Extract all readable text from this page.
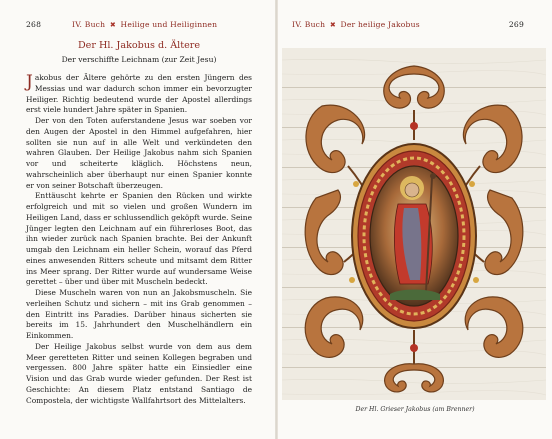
268	IV. Buch ✖ Heilige und Heiliginnen
Der Hl. Jakobus d. Ältere
Der verschiffte Leichnam (zur Zeit Jesu)

Jakobus der Ältere gehörte zu den ersten Jüngern des Messias und war dadurch schon immer ein bevorzugter Heiliger. Richtig bedeutend wurde der Apostel allerdings erst viele hundert Jahre später in Spanien.

Der von den Toten auferstandene Jesus war soeben vor den Augen der Apostel in den Himmel aufgefahren, hier sollten sie nun auf in alle Welt und verkündeten den wahren Glauben. Der Heilige Jakobus nahm sich Spanien vor und scheiterte kläglich. Höchstens neun, wahrscheinlich aber überhaupt nur einen Spanier konnte er von seiner Botschaft überzeugen.

Enttäuscht kehrte er Spanien den Rücken und wirkte erfolgreich und mit so vielen und großen Wundern im Heiligen Land, dass er schlussendlich geköpft wurde. Seine Jünger legten den Leichnam auf ein führerloses Boot, das ihn wieder zurück nach Spanien brachte. Bei der Ankunft umgab den Leichnam ein heller Schein, worauf das Pferd eines anwesenden Ritters scheute und mitsamt dem Ritter ins Meer sprang. Der Ritter wurde auf wundersame Weise gerettet – über und über mit Muscheln bedeckt.

Diese Muscheln waren von nun an Jakobsmuscheln. Sie verleihen Schutz und sichern – mit ins Grab genommen – den Eintritt ins Paradies. Darüber hinaus sicherten sie bereits im 15. Jahrhundert den Muschelhändlern ein Einkommen.

Der Heilige Jakobus selbst wurde von dem aus dem Meer geretteten Ritter und seinen Kollegen begraben und vergessen. 800 Jahre später hatte ein Einsiedler eine Vision und das Grab wurde wieder gefunden. Der Rest ist Geschichte: An diesem Platz entstand Santiago de Compostela, der wichtigste Wallfahrtsort des Mittelalters.

IV. Buch ✖ Der heilige Jakobus	269
Der Hl. Grieser Jakobus (am Brenner)
